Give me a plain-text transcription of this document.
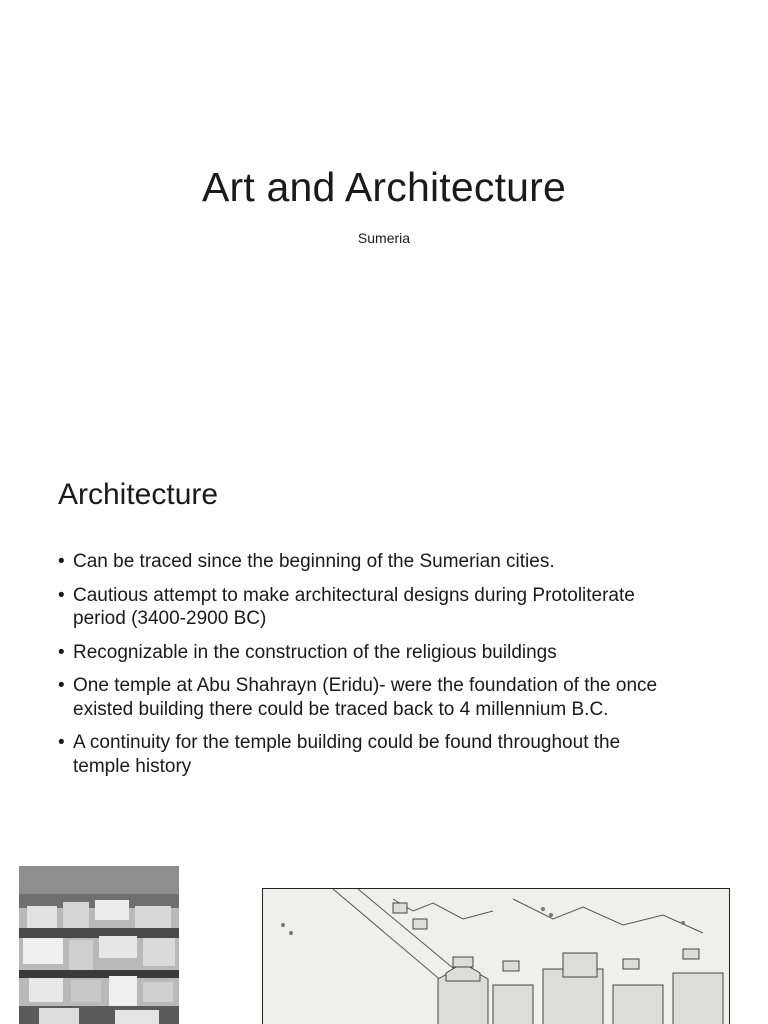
Art and Architecture

Sumeria

Architecture
• Can be traced since the beginning of the Sumerian cities.
• Cautious attempt to make architectural designs during Protoliterate
period (3400-2900 BC)
• Recognizable in the construction of the religious buildings
• One temple at Abu Shahrayn (Eridu)- were the foundation of the once
existed building there could be traced back to 4 millennium B.C.
• A continuity for the temple building could be found throughout the
temple history
